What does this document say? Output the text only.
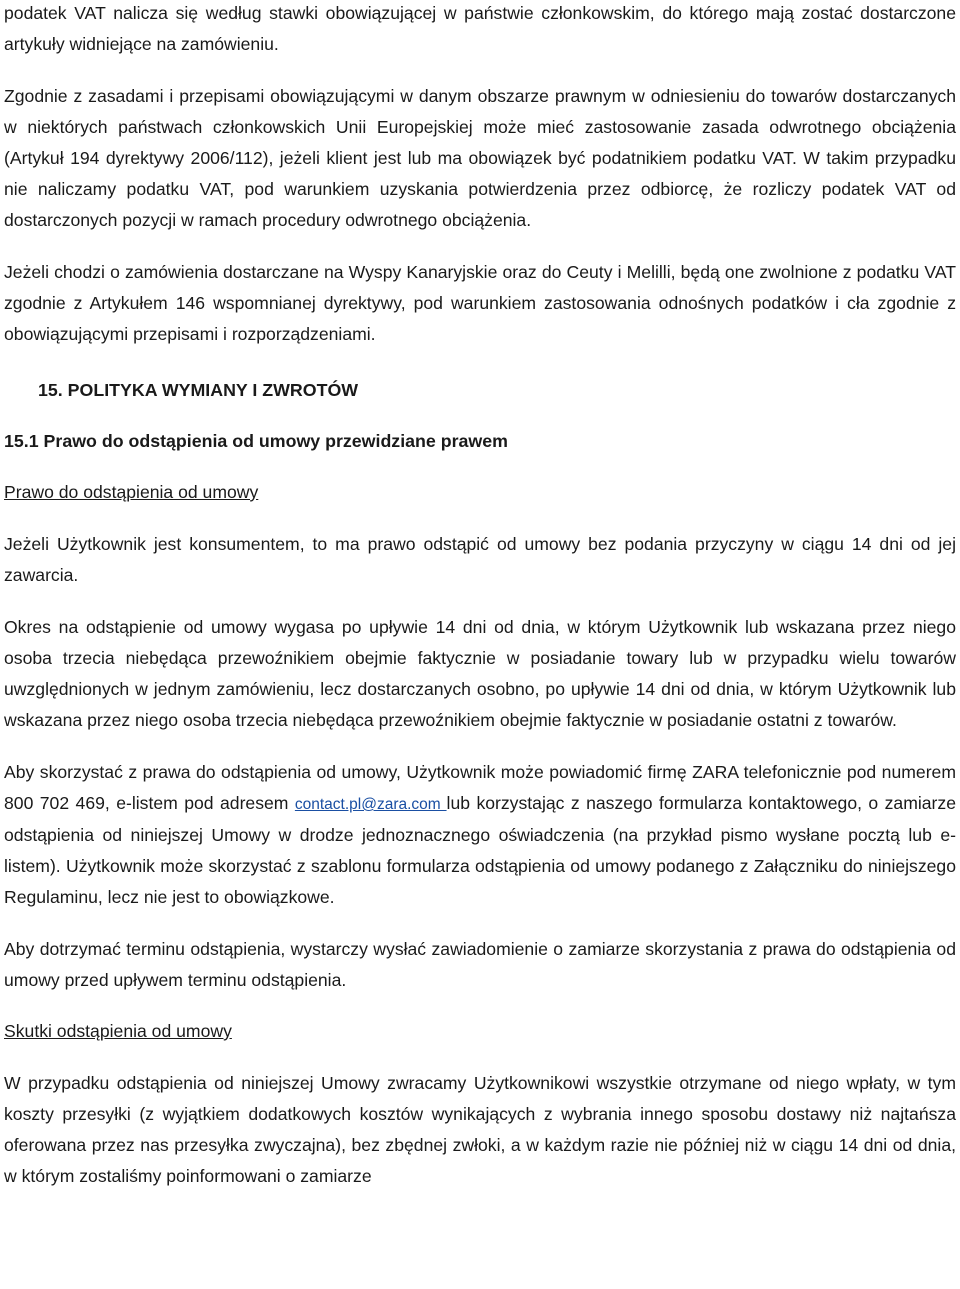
podatek VAT nalicza się według stawki obowiązującej w państwie członkowskim, do którego mają zostać dostarczone artykuły widniejące na zamówieniu.

Zgodnie z zasadami i przepisami obowiązującymi w danym obszarze prawnym w odniesieniu do towarów dostarczanych w niektórych państwach członkowskich Unii Europejskiej może mieć zastosowanie zasada odwrotnego obciążenia (Artykuł 194 dyrektywy 2006/112), jeżeli klient jest lub ma obowiązek być podatnikiem podatku VAT. W takim przypadku nie naliczamy podatku VAT, pod warunkiem uzyskania potwierdzenia przez odbiorcę, że rozliczy podatek VAT od dostarczonych pozycji w ramach procedury odwrotnego obciążenia.

Jeżeli chodzi o zamówienia dostarczane na Wyspy Kanaryjskie oraz do Ceuty i Melilli, będą one zwolnione z podatku VAT zgodnie z Artykułem 146 wspomnianej dyrektywy, pod warunkiem zastosowania odnośnych podatków i cła zgodnie z obowiązującymi przepisami i rozporządzeniami.

15. POLITYKA WYMIANY I ZWROTÓW
15.1 Prawo do odstąpienia od umowy przewidziane prawem
Prawo do odstąpienia od umowy

Jeżeli Użytkownik jest konsumentem, to ma prawo odstąpić od umowy bez podania przyczyny w ciągu 14 dni od jej zawarcia.

Okres na odstąpienie od umowy wygasa po upływie 14 dni od dnia, w którym Użytkownik lub wskazana przez niego osoba trzecia niebędąca przewoźnikiem obejmie faktycznie w posiadanie towary lub w przypadku wielu towarów uwzględnionych w jednym zamówieniu, lecz dostarczanych osobno, po upływie 14 dni od dnia, w którym Użytkownik lub wskazana przez niego osoba trzecia niebędąca przewoźnikiem obejmie faktycznie w posiadanie ostatni z towarów.

Aby skorzystać z prawa do odstąpienia od umowy, Użytkownik może powiadomić firmę ZARA telefonicznie pod numerem 800 702 469, e-listem pod adresem contact.pl@zara.com lub korzystając z naszego formularza kontaktowego, o zamiarze odstąpienia od niniejszej Umowy w drodze jednoznacznego oświadczenia (na przykład pismo wysłane pocztą lub e-listem). Użytkownik może skorzystać z szablonu formularza odstąpienia od umowy podanego z Załączniku do niniejszego Regulaminu, lecz nie jest to obowiązkowe.

Aby dotrzymać terminu odstąpienia, wystarczy wysłać zawiadomienie o zamiarze skorzystania z prawa do odstąpienia od umowy przed upływem terminu odstąpienia.

Skutki odstąpienia od umowy

W przypadku odstąpienia od niniejszej Umowy zwracamy Użytkownikowi wszystkie otrzymane od niego wpłaty, w tym koszty przesyłki (z wyjątkiem dodatkowych kosztów wynikających z wybrania innego sposobu dostawy niż najtańsza oferowana przez nas przesyłka zwyczajna), bez zbędnej zwłoki, a w każdym razie nie później niż w ciągu 14 dni od dnia, w którym zostaliśmy poinformowani o zamiarze
